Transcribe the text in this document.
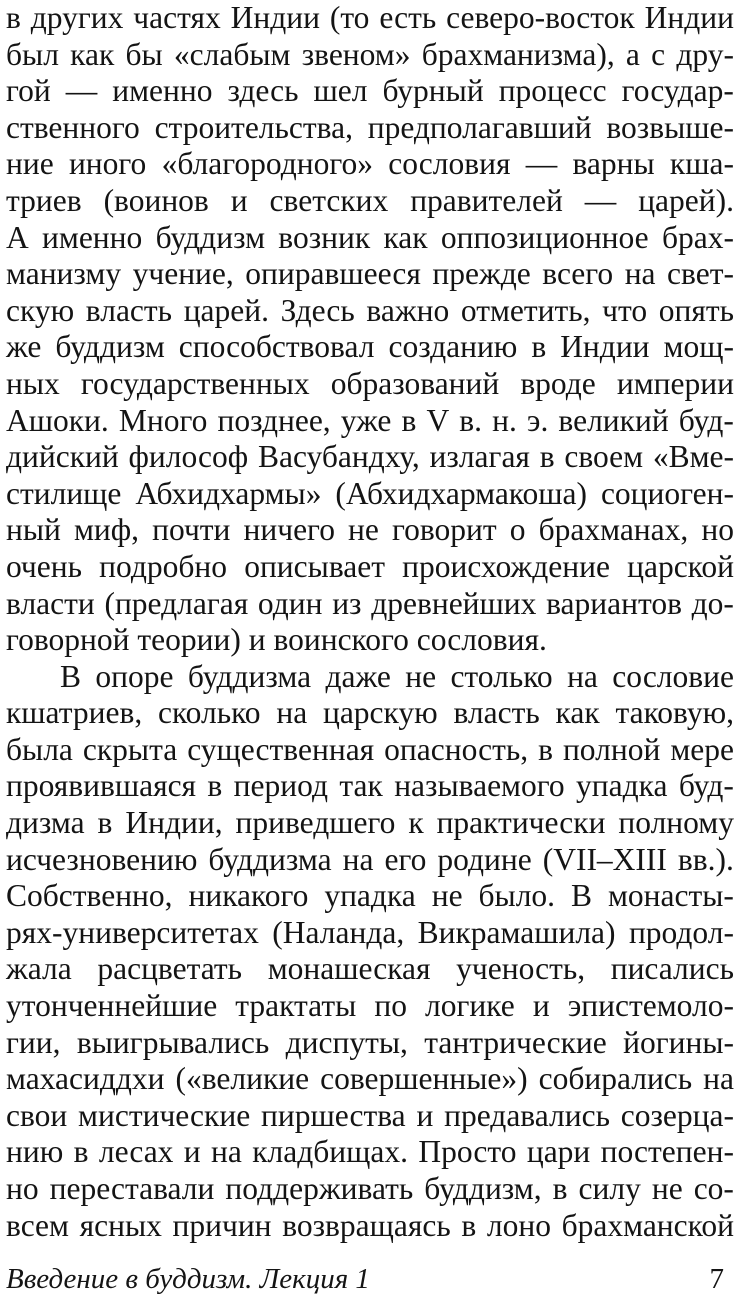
в других частях Индии (то есть северо-восток Индии
был как бы «слабым звеном» брахманизма), а с дру-
гой — именно здесь шел бурный процесс государ-
ственного строительства, предполагавший возвыше-
ние иного «благородного» сословия — варны кша-
триев (воинов и светских правителей — царей).
А именно буддизм возник как оппозиционное брах-
манизму учение, опиравшееся прежде всего на свет-
скую власть царей. Здесь важно отметить, что опять
же буддизм способствовал созданию в Индии мощ-
ных государственных образований вроде империи
Ашоки. Много позднее, уже в V в. н. э. великий буд-
дийский философ Васубандху, излагая в своем «Вме-
стилище Абхидхармы» (Абхидхармакоша) социоген-
ный миф, почти ничего не говорит о брахманах, но
очень подробно описывает происхождение царской
власти (предлагая один из древнейших вариантов до-
говорной теории) и воинского сословия.
В опоре буддизма даже не столько на сословие
кшатриев, сколько на царскую власть как таковую,
была скрыта существенная опасность, в полной мере
проявившаяся в период так называемого упадка буд-
дизма в Индии, приведшего к практически полному
исчезновению буддизма на его родине (VII–XIII вв.).
Собственно, никакого упадка не было. В монасты-
рях-университетах (Наланда, Викрамашила) продол-
жала расцветать монашеская ученость, писались
утонченнейшие трактаты по логике и эпистемоло-
гии, выигрывались диспуты, тантрические йогины-
махасиддхи («великие совершенные») собирались на
свои мистические пиршества и предавались созерца-
нию в лесах и на кладбищах. Просто цари постепен-
но переставали поддерживать буддизм, в силу не со-
всем ясных причин возвращаясь в лоно брахманской
Введение в буддизм. Лекция 1	7
